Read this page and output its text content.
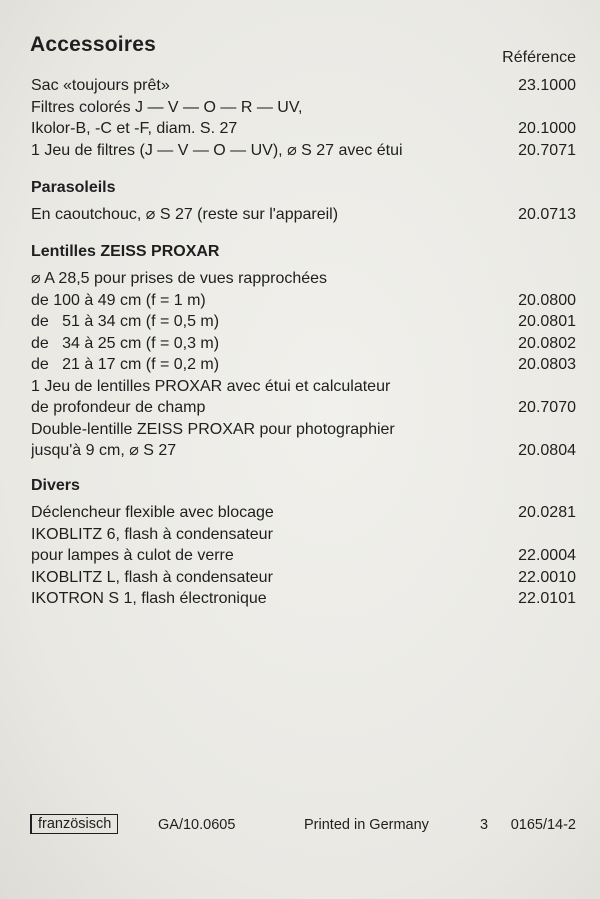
Accessoires
Référence
Sac «toujours prêt»	23.1000
Filtres colorés J — V — O — R — UV,
Ikolor-B, -C et -F, diam. S. 27	20.1000
1 Jeu de filtres (J — V — O — UV), ⌀ S 27 avec étui	20.7071
Parasoleils
En caoutchouc, ⌀ S 27 (reste sur l'appareil)	20.0713
Lentilles ZEISS PROXAR
⌀ A 28,5 pour prises de vues rapprochées
de 100 à 49 cm (f = 1 m)	20.0800
de   51 à 34 cm (f = 0,5 m)	20.0801
de   34 à 25 cm (f = 0,3 m)	20.0802
de   21 à 17 cm (f = 0,2 m)	20.0803
1 Jeu de lentilles PROXAR avec étui et calculateur
de profondeur de champ	20.7070
Double-lentille ZEISS PROXAR pour photographier
jusqu'à 9 cm, ⌀ S 27	20.0804
Divers
Déclencheur flexible avec blocage	20.0281
IKOBLITZ 6, flash à condensateur
pour lampes à culot de verre	22.0004
IKOBLITZ L, flash à condensateur	22.0010
IKOTRON S 1, flash électronique	22.0101
französisch	GA/10.0605	Printed in Germany	3 0165/14-2
